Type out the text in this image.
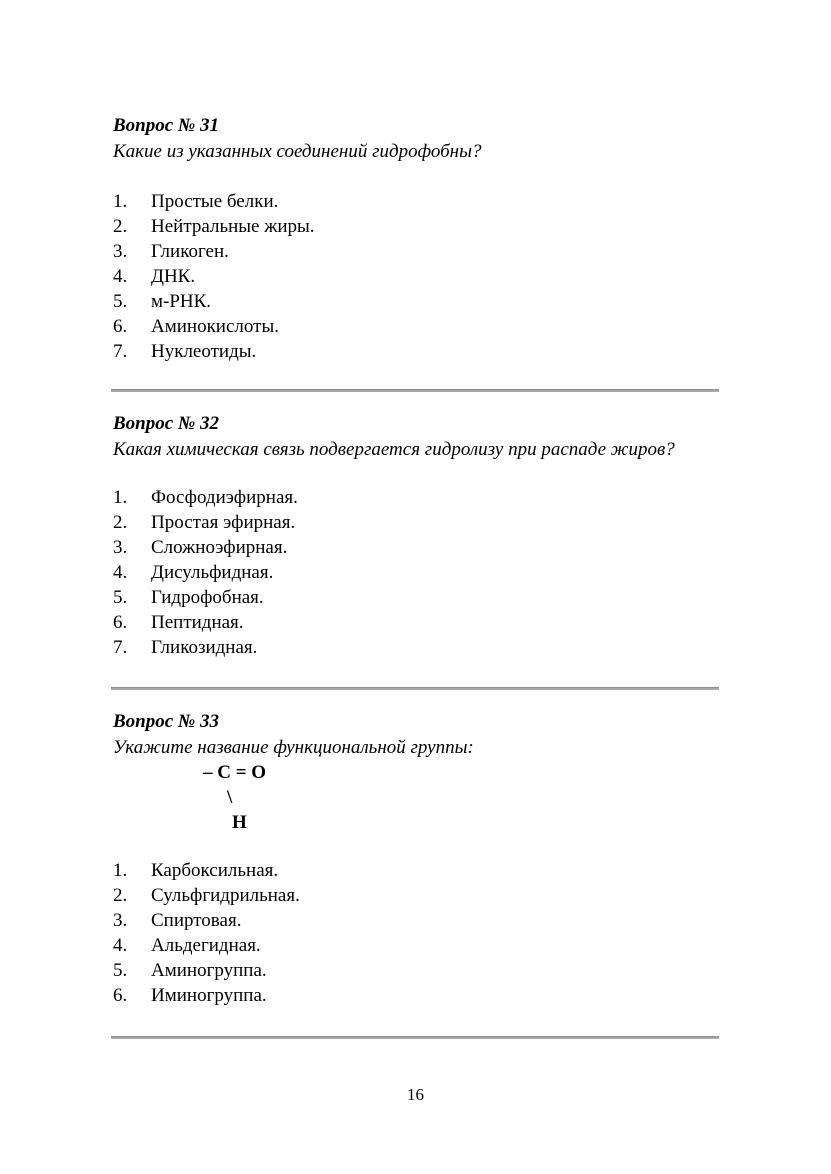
Вопрос № 31
Какие из указанных соединений гидрофобны?
1. Простые белки.
2. Нейтральные жиры.
3. Гликоген.
4. ДНК.
5. м-РНК.
6. Аминокислоты.
7. Нуклеотиды.
Вопрос № 32
Какая химическая связь подвергается гидролизу при распаде жиров?
1. Фосфодиэфирная.
2. Простая эфирная.
3. Сложноэфирная.
4. Дисульфидная.
5. Гидрофобная.
6. Пептидная.
7. Гликозидная.
Вопрос № 33
Укажите название функциональной группы:
– C = O
\
H
1. Карбоксильная.
2. Сульфгидрильная.
3. Спиртовая.
4. Альдегидная.
5. Аминогруппа.
6. Иминогруппа.
16
